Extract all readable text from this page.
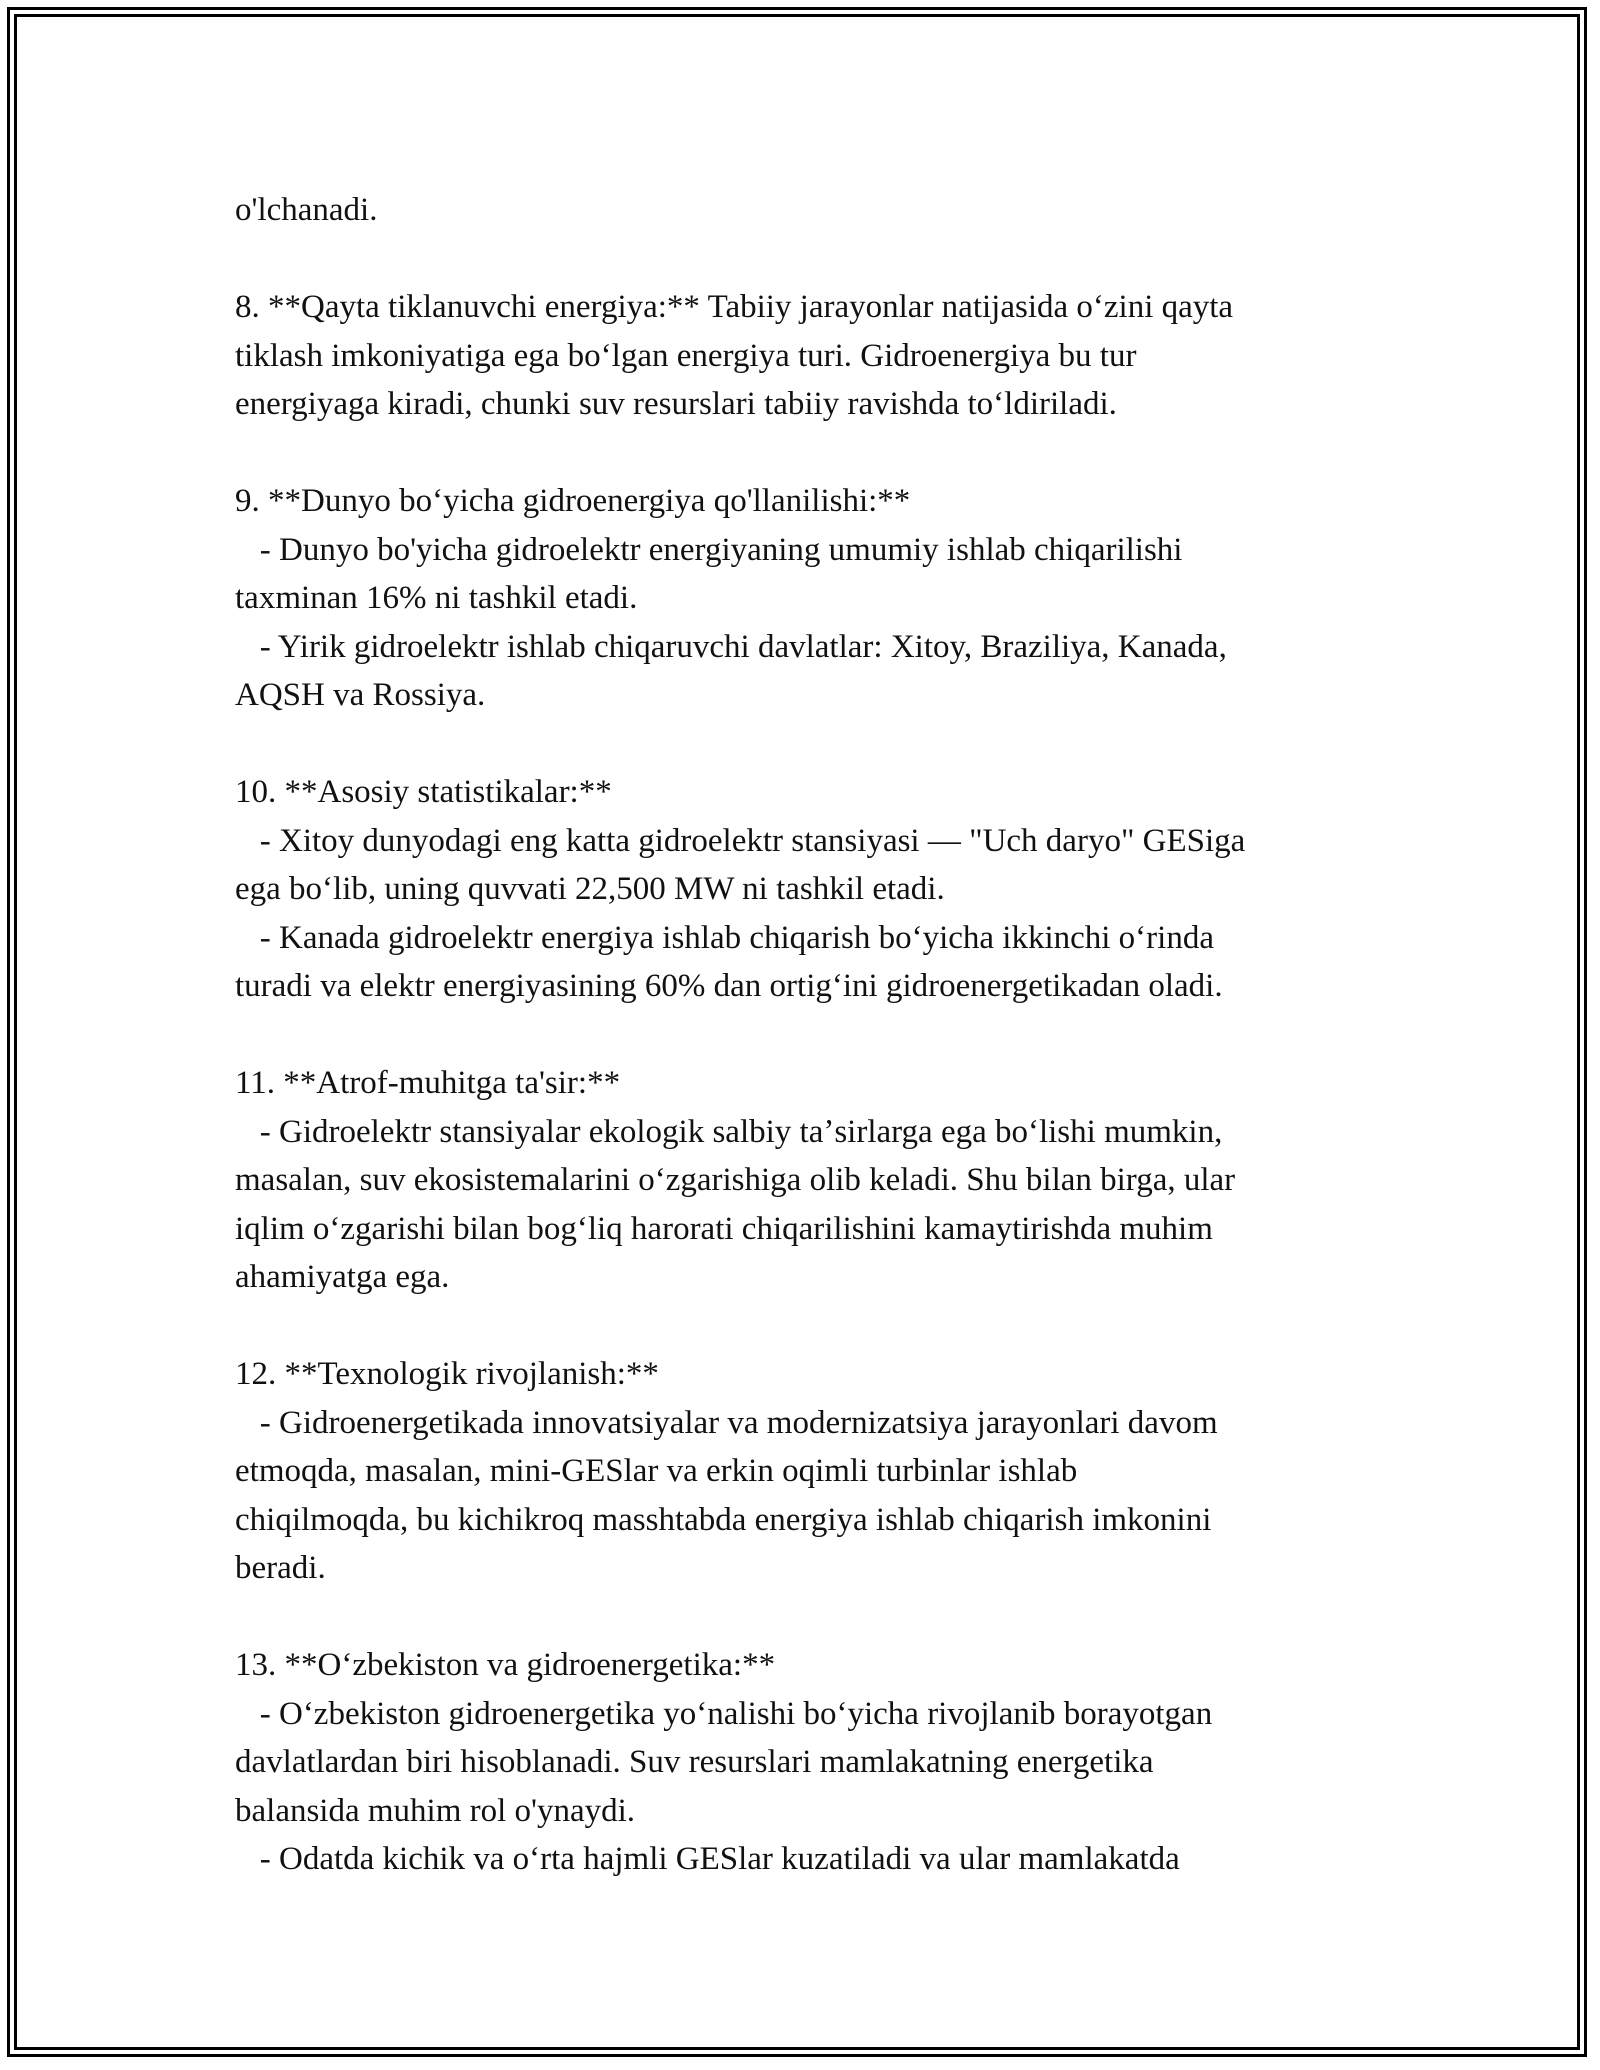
o'lchanadi.

8. **Qayta tiklanuvchi energiya:** Tabiiy jarayonlar natijasida oʻzini qayta
tiklash imkoniyatiga ega boʻlgan energiya turi. Gidroenergiya bu tur
energiyaga kiradi, chunki suv resurslari tabiiy ravishda toʻldiriladi.

9. **Dunyo boʻyicha gidroenergiya qo'llanilishi:**
- Dunyo bo'yicha gidroelektr energiyaning umumiy ishlab chiqarilishi
taxminan 16% ni tashkil etadi.
- Yirik gidroelektr ishlab chiqaruvchi davlatlar: Xitoy, Braziliya, Kanada,
AQSH va Rossiya.

10. **Asosiy statistikalar:**
- Xitoy dunyodagi eng katta gidroelektr stansiyasi — "Uch daryo" GESiga
ega boʻlib, uning quvvati 22,500 MW ni tashkil etadi.
- Kanada gidroelektr energiya ishlab chiqarish boʻyicha ikkinchi oʻrinda
turadi va elektr energiyasining 60% dan ortigʻini gidroenergetikadan oladi.

11. **Atrof-muhitga ta'sir:**
- Gidroelektr stansiyalar ekologik salbiy taʼsirlarga ega boʻlishi mumkin,
masalan, suv ekosistemalarini oʻzgarishiga olib keladi. Shu bilan birga, ular
iqlim oʻzgarishi bilan bogʻliq harorati chiqarilishini kamaytirishda muhim
ahamiyatga ega.

12. **Texnologik rivojlanish:**
- Gidroenergetikada innovatsiyalar va modernizatsiya jarayonlari davom
etmoqda, masalan, mini-GESlar va erkin oqimli turbinlar ishlab
chiqilmoqda, bu kichikroq masshtabda energiya ishlab chiqarish imkonini
beradi.

13. **Oʻzbekiston va gidroenergetika:**
- Oʻzbekiston gidroenergetika yoʻnalishi boʻyicha rivojlanib borayotgan
davlatlardan biri hisoblanadi. Suv resurslari mamlakatning energetika
balansida muhim rol o'ynaydi.
- Odatda kichik va oʻrta hajmli GESlar kuzatiladi va ular mamlakatda
